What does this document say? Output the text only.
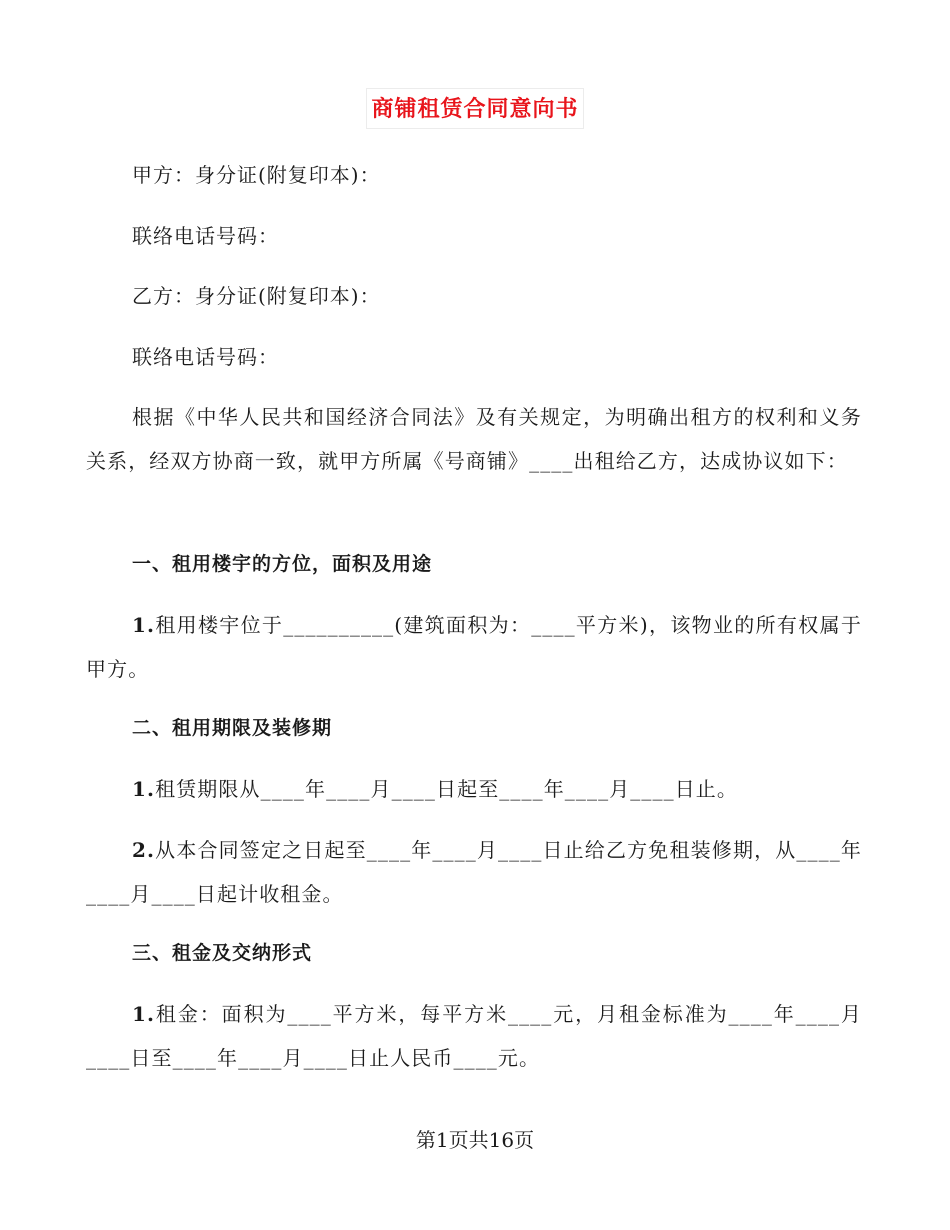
商铺租赁合同意向书
甲方：身分证(附复印本)：
联络电话号码：
乙方：身分证(附复印本)：
联络电话号码：
根据《中华人民共和国经济合同法》及有关规定，为明确出租方的权利和义务关系，经双方协商一致，就甲方所属《号商铺》____出租给乙方，达成协议如下：
一、租用楼宇的方位，面积及用途
1.租用楼宇位于__________(建筑面积为：____平方米)，该物业的所有权属于甲方。
二、租用期限及装修期
1.租赁期限从____年____月____日起至____年____月____日止。
2.从本合同签定之日起至____年____月____日止给乙方免租装修期，从____年____月____日起计收租金。
三、租金及交纳形式
1.租金：面积为____平方米，每平方米____元，月租金标准为____年____月____日至____年____月____日止人民币____元。
第1页共16页
